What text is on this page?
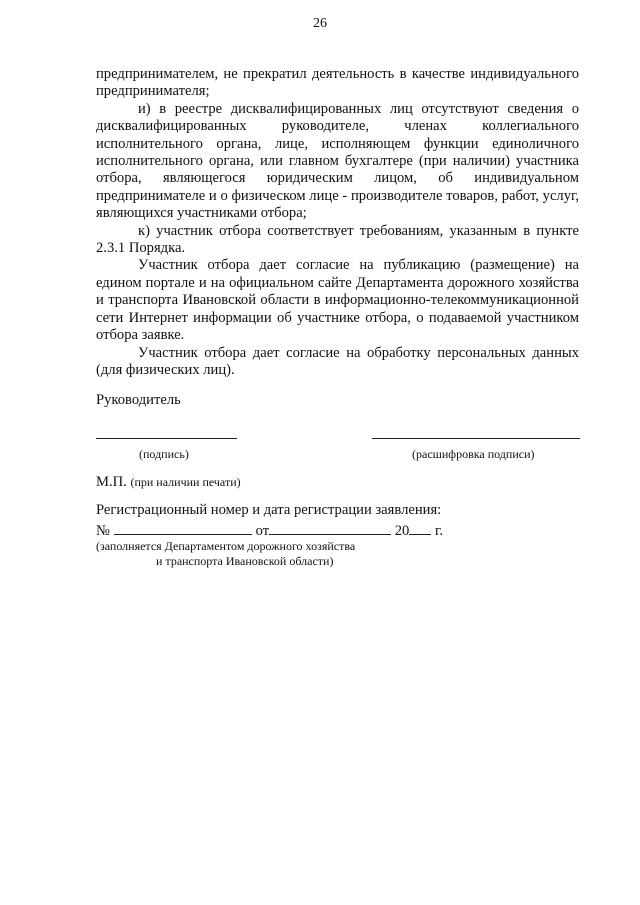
26

предпринимателем, не прекратил деятельность в качестве индивидуального предпринимателя;

и) в реестре дисквалифицированных лиц отсутствуют сведения о дисквалифицированных руководителе, членах коллегиального исполнительного органа, лице, исполняющем функции единоличного исполнительного органа, или главном бухгалтере (при наличии) участника отбора, являющегося юридическим лицом, об индивидуальном предпринимателе и о физическом лице - производителе товаров, работ, услуг, являющихся участниками отбора;

к) участник отбора соответствует требованиям, указанным в пункте 2.3.1 Порядка.

Участник отбора дает согласие на публикацию (размещение) на едином портале и на официальном сайте Департамента дорожного хозяйства и транспорта Ивановской области в информационно-телекоммуникационной сети Интернет информации об участнике отбора, о подаваемой участником отбора заявке.

Участник отбора дает согласие на обработку персональных данных (для физических лиц).

Руководитель

(подпись)	(расшифровка подписи)
М.П. (при наличии печати)
Регистрационный номер и дата регистрации заявления:
№	от	20 г.
(заполняется Департаментом дорожного хозяйства
и транспорта Ивановской области)
